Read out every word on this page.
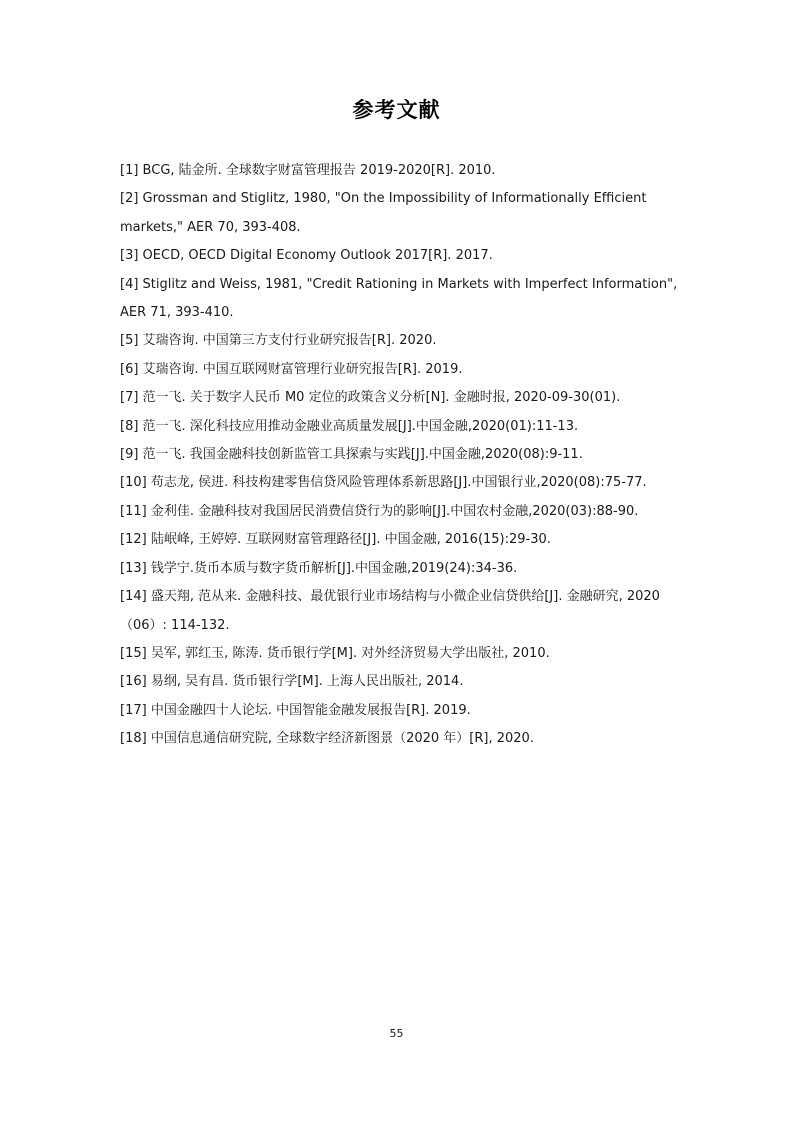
参考文献
[1] BCG, 陆金所. 全球数字财富管理报告 2019-2020[R]. 2010.
[2] Grossman and Stiglitz, 1980, "On the Impossibility of Informationally Efficient markets," AER 70, 393-408.
[3] OECD, OECD Digital Economy Outlook 2017[R]. 2017.
[4] Stiglitz and Weiss, 1981, "Credit Rationing in Markets with Imperfect Information", AER 71, 393-410.
[5] 艾瑞咨询. 中国第三方支付行业研究报告[R]. 2020.
[6] 艾瑞咨询. 中国互联网财富管理行业研究报告[R]. 2019.
[7] 范一飞. 关于数字人民币 M0 定位的政策含义分析[N]. 金融时报, 2020-09-30(01).
[8] 范一飞. 深化科技应用推动金融业高质量发展[J].中国金融,2020(01):11-13.
[9] 范一飞. 我国金融科技创新监管工具探索与实践[J].中国金融,2020(08):9-11.
[10] 苟志龙, 侯进. 科技构建零售信贷风险管理体系新思路[J].中国银行业,2020(08):75-77.
[11] 金利佳. 金融科技对我国居民消费信贷行为的影响[J].中国农村金融,2020(03):88-90.
[12] 陆岷峰, 王婷婷. 互联网财富管理路径[J]. 中国金融, 2016(15):29-30.
[13] 钱学宁.货币本质与数字货币解析[J].中国金融,2019(24):34-36.
[14] 盛天翔, 范从来. 金融科技、最优银行业市场结构与小微企业信贷供给[J]. 金融研究, 2020（06）: 114-132.
[15] 吴军, 郭红玉, 陈涛. 货币银行学[M]. 对外经济贸易大学出版社, 2010.
[16] 易纲, 吴有昌. 货币银行学[M]. 上海人民出版社, 2014.
[17] 中国金融四十人论坛. 中国智能金融发展报告[R]. 2019.
[18] 中国信息通信研究院, 全球数字经济新图景（2020 年）[R], 2020.
55
